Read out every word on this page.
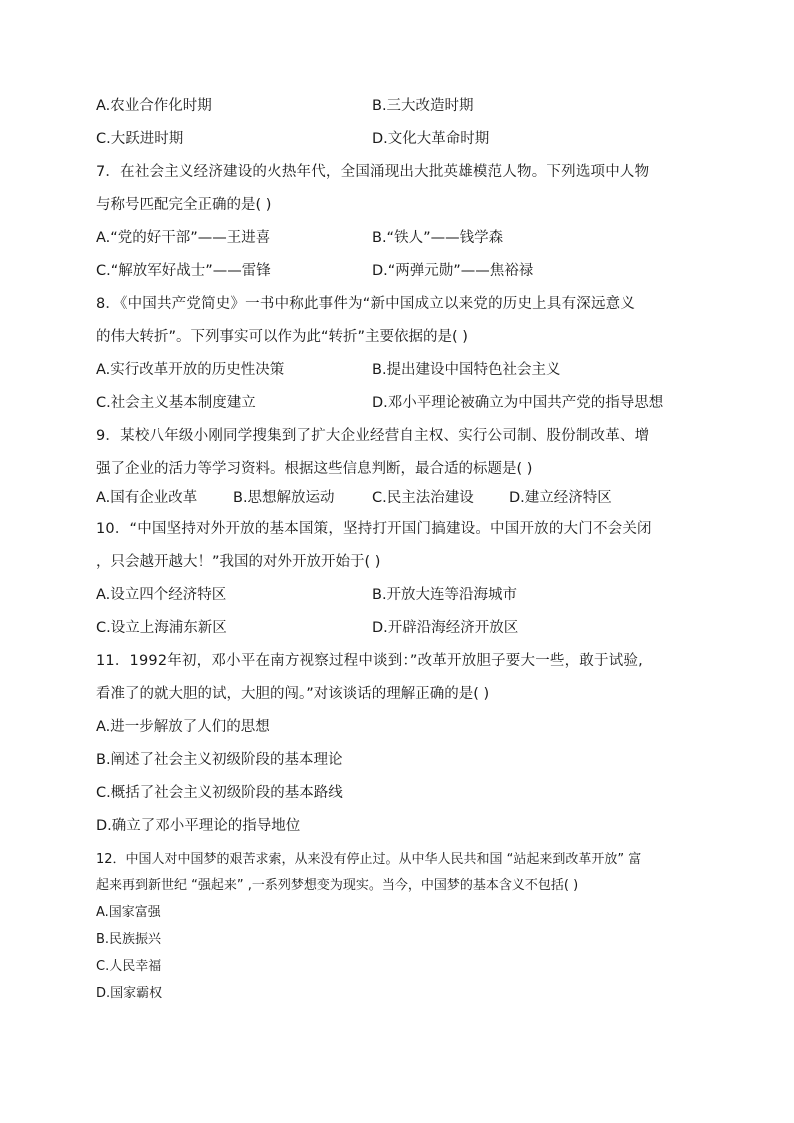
A.农业合作化时期	B.三大改造时期
C.大跃进时期	D.文化大革命时期
7．在社会主义经济建设的火热年代，全国涌现出大批英雄模范人物。下列选项中人物
与称号匹配完全正确的是( )
A.“党的好干部”——王进喜	B.“铁人”——钱学森
C.“解放军好战士”——雷锋	D.“两弹元勋”——焦裕禄
8．《中国共产党简史》一书中称此事件为“新中国成立以来党的历史上具有深远意义
的伟大转折”。下列事实可以作为此“转折”主要依据的是( )
A.实行改革开放的历史性决策	B.提出建设中国特色社会主义
C.社会主义基本制度建立	D.邓小平理论被确立为中国共产党的指导思想
9．某校八年级小刚同学搜集到了扩大企业经营自主权、实行公司制、股份制改革、增
强了企业的活力等学习资料。根据这些信息判断，最合适的标题是( )
A.国有企业改革 B.思想解放运动	C.民主法治建设 D.建立经济特区
10．“中国坚持对外开放的基本国策，坚持打开国门搞建设。中国开放的大门不会关闭
，只会越开越大！”我国的对外开放开始于( )
A.设立四个经济特区	B.开放大连等沿海城市
C.设立上海浦东新区	D.开辟沿海经济开放区
11．1992年初，邓小平在南方视察过程中谈到：”改革开放胆子要大一些，敢于试验,
看准了的就大胆的试，大胆的闯。”对该谈话的理解正确的是( )
A.进一步解放了人们的思想
B.阐述了社会主义初级阶段的基本理论
C.概括了社会主义初级阶段的基本路线
D.确立了邓小平理论的指导地位
12．中国人对中国梦的艰苦求索，从来没有停止过。从中华人民共和国 “站起来到改革开放” 富
起来再到新世纪 “强起来” ,一系列梦想变为现实。当今，中国梦的基本含义不包括( )
A.国家富强
B.民族振兴
C.人民幸福
D.国家霸权
